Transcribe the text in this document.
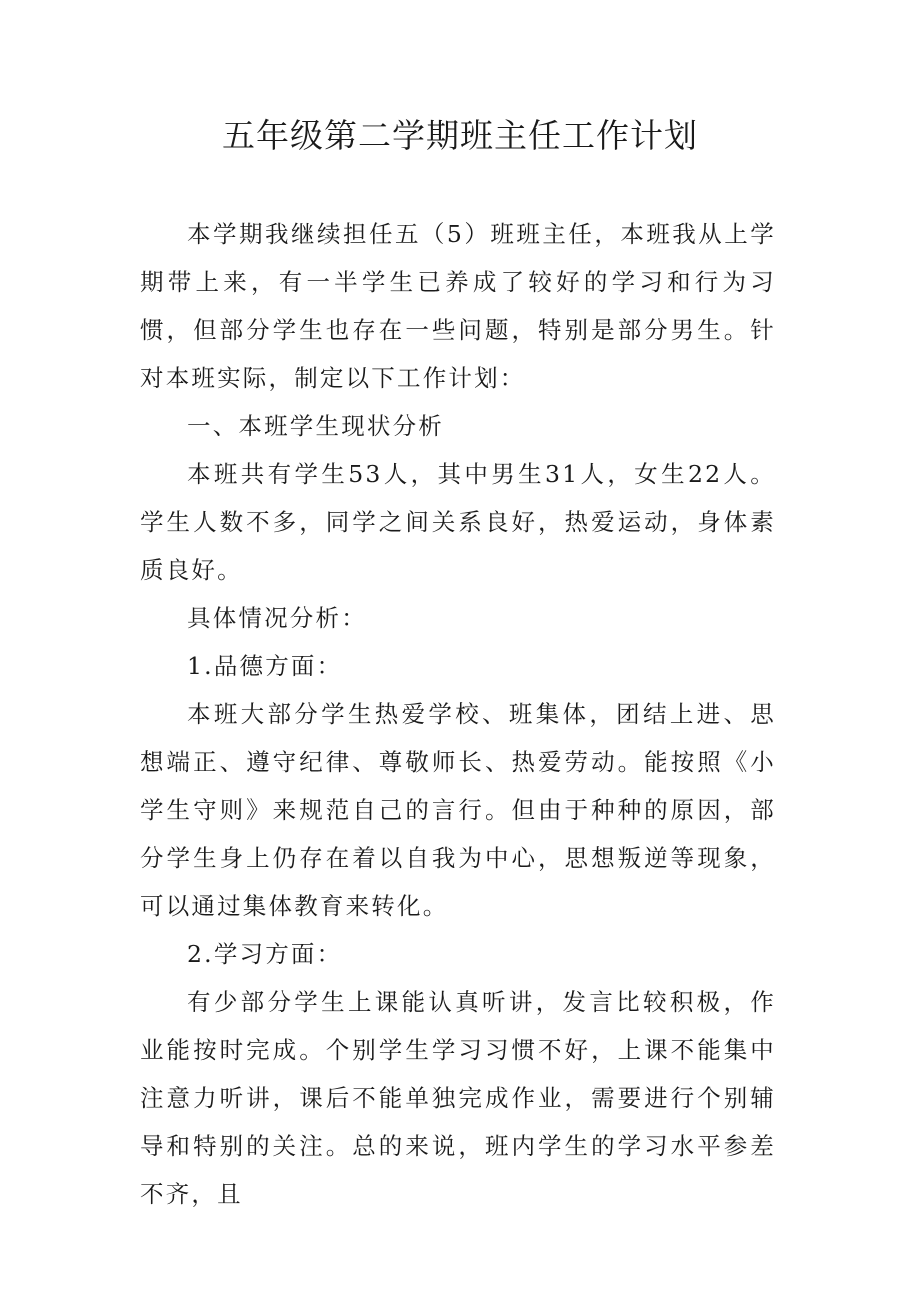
五年级第二学期班主任工作计划

本学期我继续担任五（5）班班主任，本班我从上学期带上来，有一半学生已养成了较好的学习和行为习惯，但部分学生也存在一些问题，特别是部分男生。针对本班实际，制定以下工作计划：

一、本班学生现状分析

本班共有学生53人，其中男生31人，女生22人。学生人数不多，同学之间关系良好，热爱运动，身体素质良好。

具体情况分析：

1.品德方面：

本班大部分学生热爱学校、班集体，团结上进、思想端正、遵守纪律、尊敬师长、热爱劳动。能按照《小学生守则》来规范自己的言行。但由于种种的原因，部分学生身上仍存在着以自我为中心，思想叛逆等现象，可以通过集体教育来转化。

2.学习方面：

有少部分学生上课能认真听讲，发言比较积极，作业能按时完成。个别学生学习习惯不好，上课不能集中注意力听讲，课后不能单独完成作业，需要进行个别辅导和特别的关注。总的来说，班内学生的学习水平参差不齐，且
